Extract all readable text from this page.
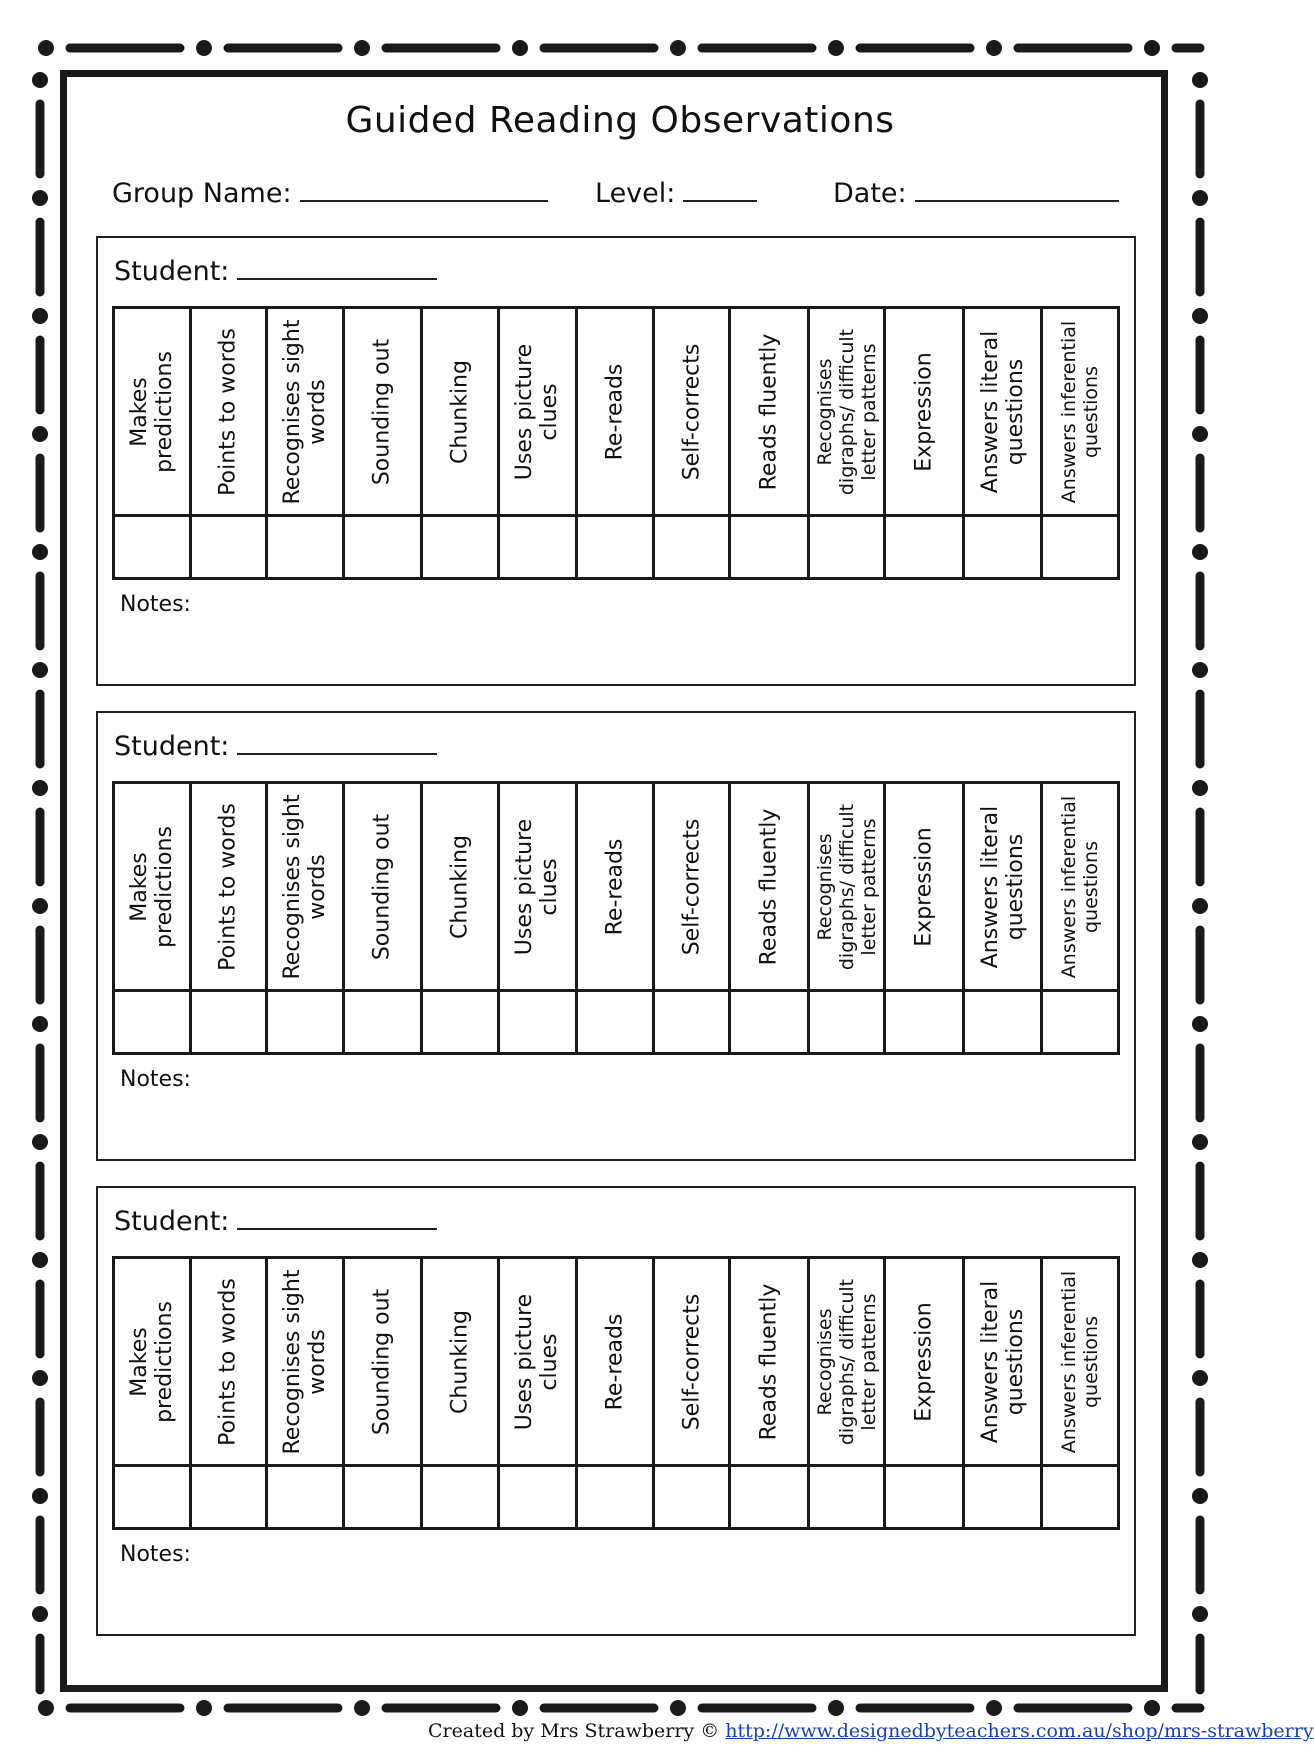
Guided Reading Observations
Group Name:	Level:	Date:
Student:
Makes predictions	Points to words	Recognises sight words	Sounding out	Chunking	Uses picture clues	Re-reads	Self-corrects	Reads fluently	Recognises digraphs/ difficult letter patterns	Expression	Answers literal questions	Answers inferential questions

Notes:
Student:
Makes predictions	Points to words	Recognises sight words	Sounding out	Chunking	Uses picture clues	Re-reads	Self-corrects	Reads fluently	Recognises digraphs/ difficult letter patterns	Expression	Answers literal questions	Answers inferential questions

Notes:
Student:
Makes predictions	Points to words	Recognises sight words	Sounding out	Chunking	Uses picture clues	Re-reads	Self-corrects	Reads fluently	Recognises digraphs/ difficult letter patterns	Expression	Answers literal questions	Answers inferential questions

Notes:
Created by Mrs Strawberry © http://www.designedbyteachers.com.au/shop/mrs-strawberry
